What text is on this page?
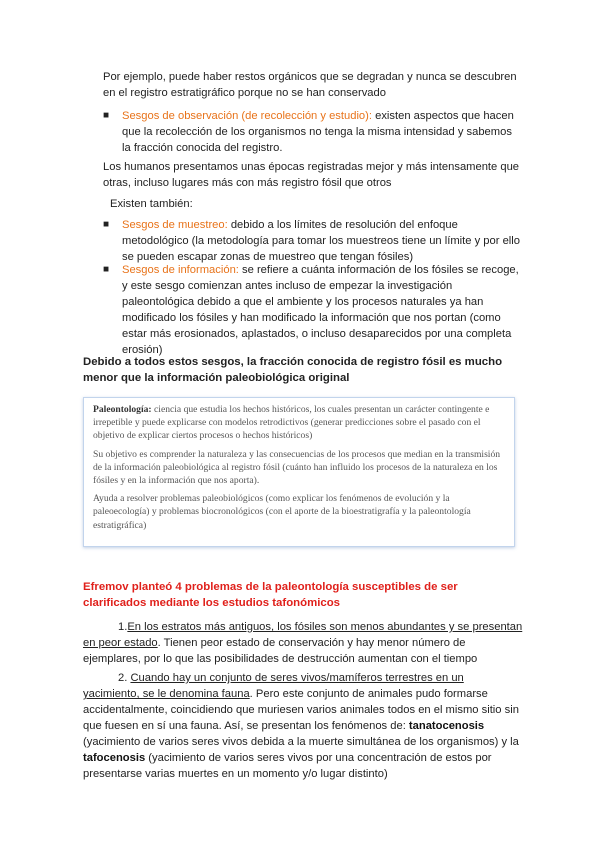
Por ejemplo, puede haber restos orgánicos que se degradan y nunca se descubren en el registro estratigráfico porque no se han conservado

■ Sesgos de observación (de recolección y estudio): existen aspectos que hacen que la recolección de los organismos no tenga la misma intensidad y sabemos la fracción conocida del registro.

Los humanos presentamos unas épocas registradas mejor y más intensamente que otras, incluso lugares más con más registro fósil que otros

Existen también:

■ Sesgos de muestreo: debido a los límites de resolución del enfoque metodológico (la metodología para tomar los muestreos tiene un límite y por ello se pueden escapar zonas de muestreo que tengan fósiles)

■ Sesgos de información: se refiere a cuánta información de los fósiles se recoge, y este sesgo comienzan antes incluso de empezar la investigación paleontológica debido a que el ambiente y los procesos naturales ya han modificado los fósiles y han modificado la información que nos portan (como estar más erosionados, aplastados, o incluso desaparecidos por una completa erosión)

Debido a todos estos sesgos, la fracción conocida de registro fósil es mucho menor que la información paleobiológica original

Paleontología: ciencia que estudia los hechos históricos, los cuales presentan un carácter contingente e irrepetible y puede explicarse con modelos retrodictivos (generar predicciones sobre el pasado con el objetivo de explicar ciertos procesos o hechos históricos)

Su objetivo es comprender la naturaleza y las consecuencias de los procesos que median en la transmisión de la información paleobiológica al registro fósil (cuánto han influido los procesos de la naturaleza en los fósiles y en la información que nos aporta).

Ayuda a resolver problemas paleobiológicos (como explicar los fenómenos de evolución y la paleoecología) y problemas biocronológicos (con el aporte de la bioestratigrafía y la paleontología estratigráfica)

Efremov planteó 4 problemas de la paleontología susceptibles de ser clarificados mediante los estudios tafonómicos

1.En los estratos más antiguos, los fósiles son menos abundantes y se presentan en peor estado. Tienen peor estado de conservación y hay menor número de ejemplares, por lo que las posibilidades de destrucción aumentan con el tiempo

2. Cuando hay un conjunto de seres vivos/mamíferos terrestres en un yacimiento, se le denomina fauna. Pero este conjunto de animales pudo formarse accidentalmente, coincidiendo que muriesen varios animales todos en el mismo sitio sin que fuesen en sí una fauna. Así, se presentan los fenómenos de: tanatocenosis (yacimiento de varios seres vivos debida a la muerte simultánea de los organismos) y la tafocenosis (yacimiento de varios seres vivos por una concentración de estos por presentarse varias muertes en un momento y/o lugar distinto)
